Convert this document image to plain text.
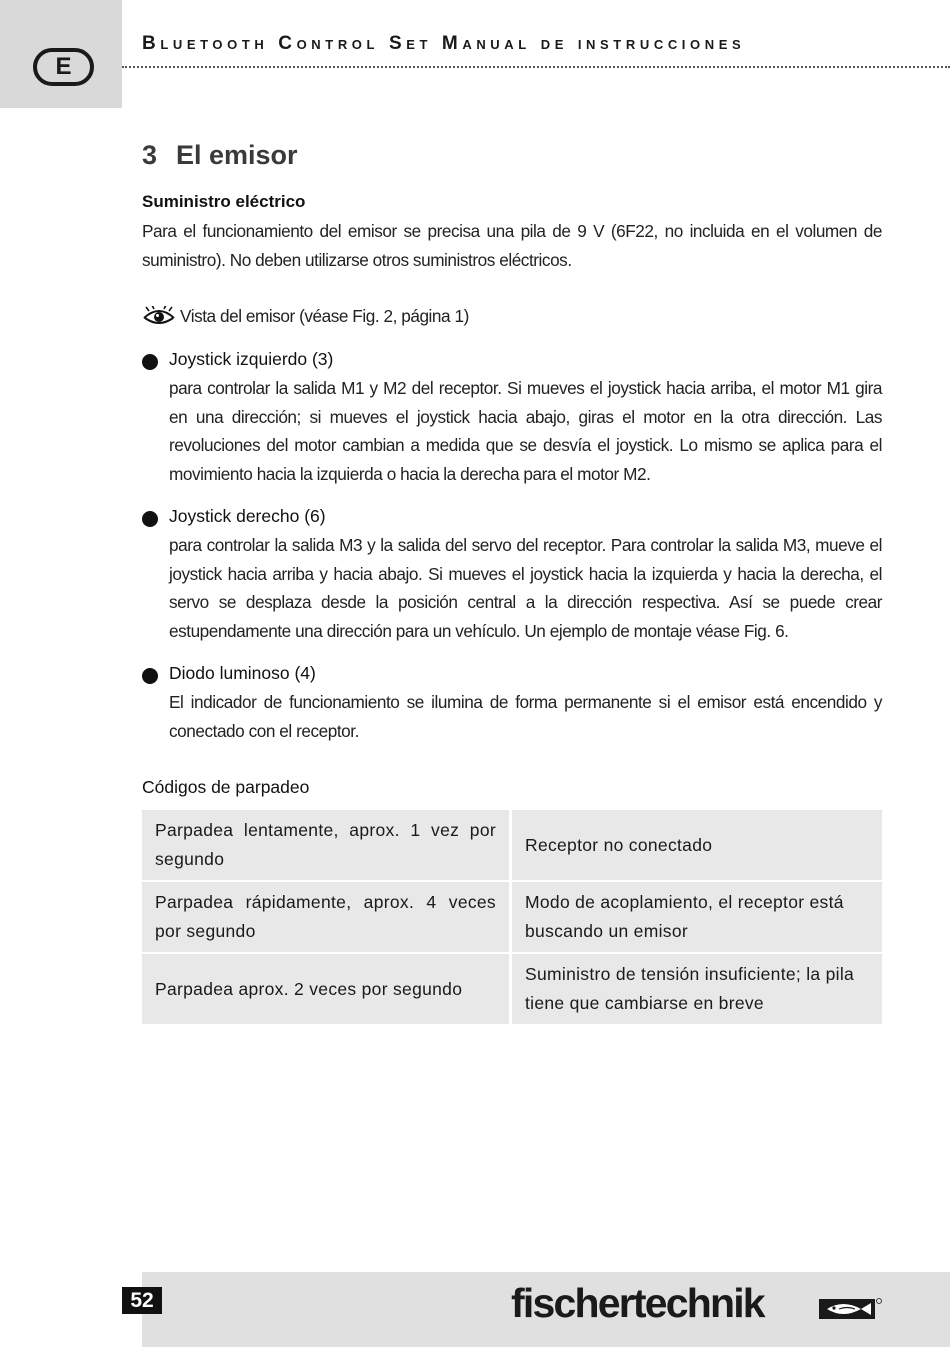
E
Bluetooth Control Set Manual de instrucciones
3 El emisor
Suministro eléctrico
Para el funcionamiento del emisor se precisa una pila de 9 V (6F22, no incluida en el volumen de suministro). No deben utilizarse otros suministros eléctricos.
Vista del emisor (véase Fig. 2, página 1)
Joystick izquierdo (3)
para controlar la salida M1 y M2 del receptor. Si mueves el joystick hacia arriba, el motor M1 gira en una dirección; si mueves el joystick hacia abajo, giras el motor en la otra dirección. Las revoluciones del motor cambian a medida que se desvía el joystick. Lo mismo se aplica para el movimiento hacia la izquierda o hacia la derecha para el motor M2.
Joystick derecho (6)
para controlar la salida M3 y la salida del servo del receptor. Para controlar la salida M3, mueve el joystick hacia arriba y hacia abajo. Si mueves el joystick hacia la izquierda y hacia la derecha, el servo se desplaza desde la posición central a la dirección respectiva. Así se puede crear estupendamente una dirección para un vehículo. Un ejemplo de montaje véase Fig. 6.
Diodo luminoso (4)
El indicador de funcionamiento se ilumina de forma permanente si el emisor está encendido y conectado con el receptor.
Códigos de parpadeo
Parpadea lentamente, aprox. 1 vez por segundo	Receptor no conectado
Parpadea rápidamente, aprox. 4 veces por segundo	Modo de acoplamiento, el receptor está buscando un emisor
Parpadea aprox. 2 veces por segundo	Suministro de tensión insuficiente; la pila tiene que cambiarse en breve
52	fischertechnik
